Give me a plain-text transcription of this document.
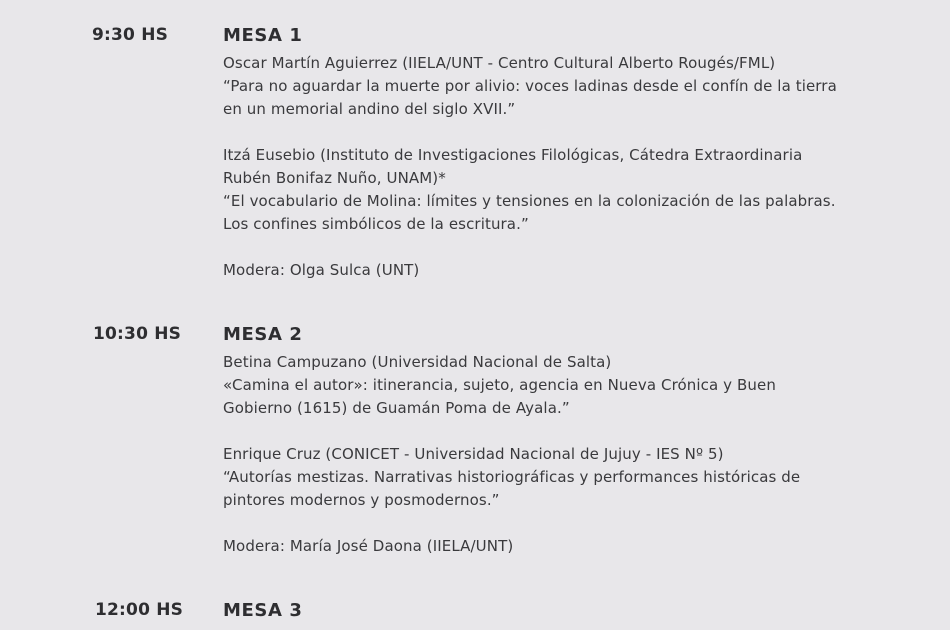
9:30 HS	MESA 1
Oscar Martín Aguierrez (IIELA/UNT - Centro Cultural Alberto Rougés/FML)
“Para no aguardar la muerte por alivio: voces ladinas desde el confín de la tierra
en un memorial andino del siglo XVII.”
Itzá Eusebio (Instituto de Investigaciones Filológicas, Cátedra Extraordinaria
Rubén Bonifaz Nuño, UNAM)*
“El vocabulario de Molina: límites y tensiones en la colonización de las palabras.
Los confines simbólicos de la escritura.”
Modera: Olga Sulca (UNT)
10:30 HS MESA 2
Betina Campuzano (Universidad Nacional de Salta)
«Camina el autor»: itinerancia, sujeto, agencia en Nueva Crónica y Buen
Gobierno (1615) de Guamán Poma de Ayala.”
Enrique Cruz (CONICET - Universidad Nacional de Jujuy - IES Nº 5)
“Autorías mestizas. Narrativas historiográficas y performances históricas de
pintores modernos y posmodernos.”
Modera: María José Daona (IIELA/UNT)
12:00 HS MESA 3
